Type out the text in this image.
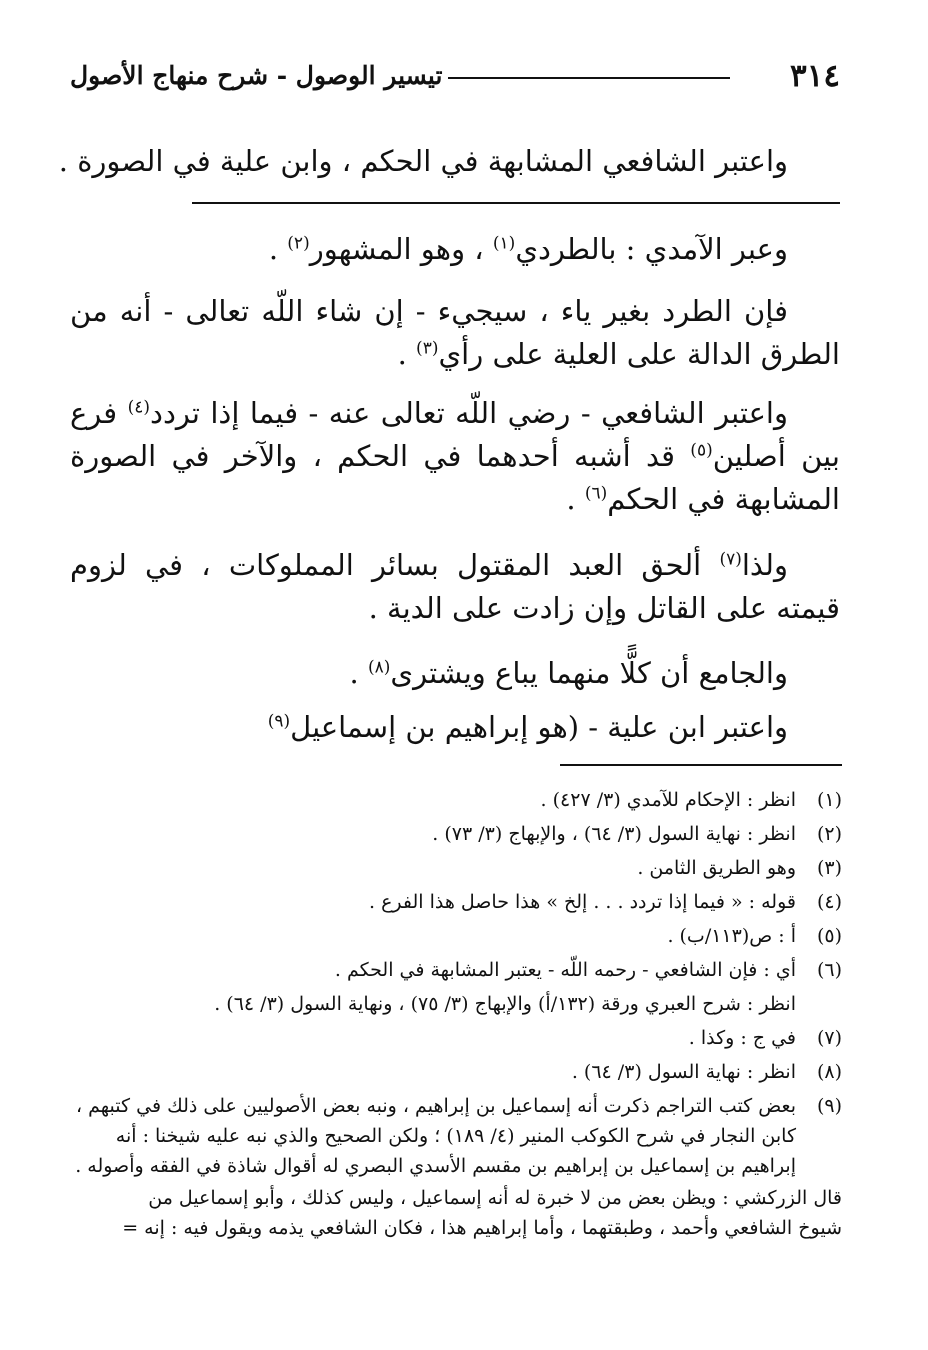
٣١٤
تيسير الوصول - شرح منهاج الأصول
واعتبر الشافعي المشابهة في الحكم ، وابن علية في الصورة .
وعبر الآمدي : بالطردي$^{(١)}$ ، وهو المشهور$^{(٢)}$ .
فإن الطرد بغير ياء ، سيجيء - إن شاء اللّه تعالى - أنه من الطرق الدالة على العلية على رأي$^{(٣)}$ .
واعتبر الشافعي - رضي اللّه تعالى عنه - فيما إذا تردد$^{(٤)}$ فرع بين أصلين$^{(٥)}$ قد أشبه أحدهما في الحكم ، والآخر في الصورة المشابهة في الحكم$^{(٦)}$ .
ولذا$^{(٧)}$ ألحق العبد المقتول بسائر المملوكات ، في لزوم قيمته على القاتل وإن زادت على الدية .
والجامع أن كلًّا منهما يباع ويشترى$^{(٨)}$ .
واعتبر ابن علية - (هو إبراهيم بن إسماعيل$^{(٩)}$
(١)
انظر : الإحكام للآمدي (٣/ ٤٢٧) .
(٢)
انظر : نهاية السول (٣/ ٦٤) ، والإبهاج (٣/ ٧٣) .
(٣)
وهو الطريق الثامن .
(٤)
قوله : « فيما إذا تردد . . . إلخ » هذا حاصل هذا الفرع .
(٥)
أ : ص(١١٣/ب) .
(٦)
أي : فإن الشافعي - رحمه اللّه - يعتبر المشابهة في الحكم .
انظر : شرح العبري ورقة (١٣٢/أ) والإبهاج (٣/ ٧٥) ، ونهاية السول (٣/ ٦٤) .
(٧)
في ج : وكذا .
(٨)
انظر : نهاية السول (٣/ ٦٤) .
(٩)
بعض كتب التراجم ذكرت أنه إسماعيل بن إبراهيم ، ونبه بعض الأصوليين على ذلك في كتبهم ،
كابن النجار في شرح الكوكب المنير (٤/ ١٨٩) ؛ ولكن الصحيح والذي نبه عليه شيخنا : أنه
إبراهيم بن إسماعيل بن إبراهيم بن مقسم الأسدي البصري له أقوال شاذة في الفقه وأصوله .
قال الزركشي : ويظن بعض من لا خبرة له أنه إسماعيل ، وليس كذلك ، وأبو إسماعيل من
شيوخ الشافعي وأحمد ، وطبقتهما ، وأما إبراهيم هذا ، فكان الشافعي يذمه ويقول فيه : إنه =
